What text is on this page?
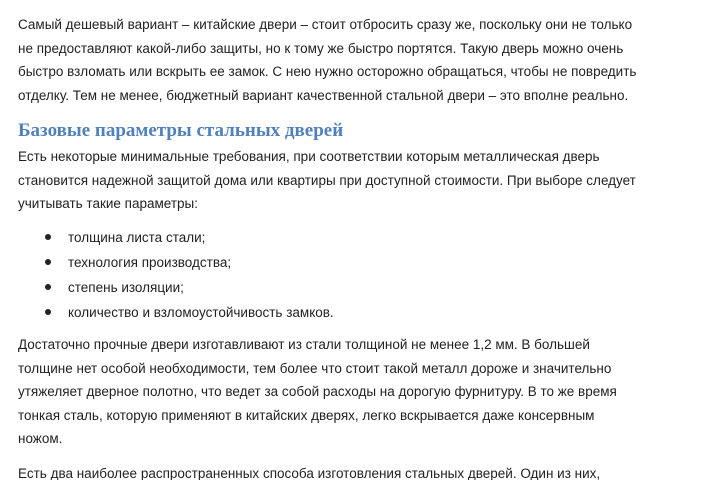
Самый дешевый вариант – китайские двери – стоит отбросить сразу же, поскольку они не только
не предоставляют какой-либо защиты, но к тому же быстро портятся. Такую дверь можно очень
быстро взломать или вскрыть ее замок. С нею нужно осторожно обращаться, чтобы не повредить
отделку. Тем не менее, бюджетный вариант качественной стальной двери – это вполне реально.

Базовые параметры стальных дверей

Есть некоторые минимальные требования, при соответствии которым металлическая дверь
становится надежной защитой дома или квартиры при доступной стоимости. При выборе следует
учитывать такие параметры:

толщина листа стали;
технология производства;
степень изоляции;
количество и взломоустойчивость замков.

Достаточно прочные двери изготавливают из стали толщиной не менее 1,2 мм. В большей
толщине нет особой необходимости, тем более что стоит такой металл дороже и значительно
утяжеляет дверное полотно, что ведет за собой расходы на дорогую фурнитуру. В то же время
тонкая сталь, которую применяют в китайских дверях, легко вскрывается даже консервным
ножом.

Есть два наиболее распространенных способа изготовления стальных дверей. Один из них,
